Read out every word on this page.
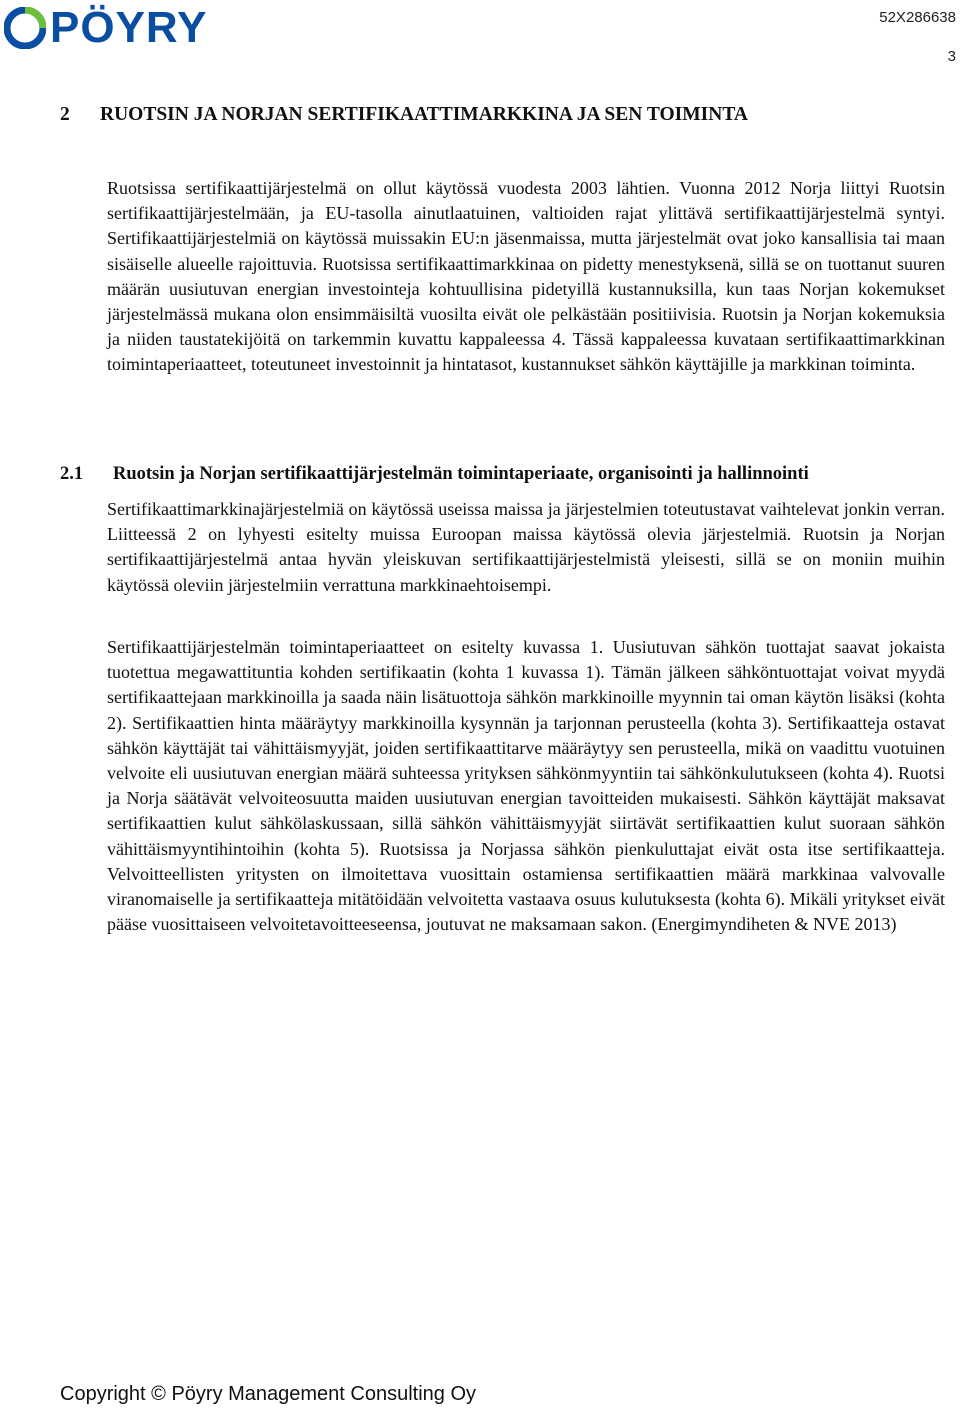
PÖYRY	52X286638
3
2	RUOTSIN JA NORJAN SERTIFIKAATTIMARKKINA JA SEN TOIMINTA

Ruotsissa sertifikaattijärjestelmä on ollut käytössä vuodesta 2003 lähtien. Vuonna 2012 Norja liittyi Ruotsin sertifikaattijärjestelmään, ja EU-tasolla ainutlaatuinen, valtioiden rajat ylittävä sertifikaattijärjestelmä syntyi. Sertifikaattijärjestelmiä on käytössä muissakin EU:n jäsenmaissa, mutta järjestelmät ovat joko kansallisia tai maan sisäiselle alueelle rajoittuvia. Ruotsissa sertifikaattimarkkinaa on pidetty menestyksenä, sillä se on tuottanut suuren määrän uusiutuvan energian investointeja kohtuullisina pidetyillä kustannuksilla, kun taas Norjan kokemukset järjestelmässä mukana olon ensimmäisiltä vuosilta eivät ole pelkästään positiivisia. Ruotsin ja Norjan kokemuksia ja niiden taustatekijöitä on tarkemmin kuvattu kappaleessa 4. Tässä kappaleessa kuvataan sertifikaattimarkkinan toimintaperiaatteet, toteutuneet investoinnit ja hintatasot, kustannukset sähkön käyttäjille ja markkinan toiminta.

2.1	Ruotsin ja Norjan sertifikaattijärjestelmän toimintaperiaate, organisointi ja hallinnointi

Sertifikaattimarkkinajärjestelmiä on käytössä useissa maissa ja järjestelmien toteutustavat vaihtelevat jonkin verran. Liitteessä 2 on lyhyesti esitelty muissa Euroopan maissa käytössä olevia järjestelmiä. Ruotsin ja Norjan sertifikaattijärjestelmä antaa hyvän yleiskuvan sertifikaattijärjestelmistä yleisesti, sillä se on moniin muihin käytössä oleviin järjestelmiin verrattuna markkinaehtoisempi.

Sertifikaattijärjestelmän toimintaperiaatteet on esitelty kuvassa 1. Uusiutuvan sähkön tuottajat saavat jokaista tuotettua megawattituntia kohden sertifikaatin (kohta 1 kuvassa 1). Tämän jälkeen sähköntuottajat voivat myydä sertifikaattejaan markkinoilla ja saada näin lisätuottoja sähkön markkinoille myynnin tai oman käytön lisäksi (kohta 2). Sertifikaattien hinta määräytyy markkinoilla kysynnän ja tarjonnan perusteella (kohta 3). Sertifikaatteja ostavat sähkön käyttäjät tai vähittäismyyjät, joiden sertifikaattitarve määräytyy sen perusteella, mikä on vaadittu vuotuinen velvoite eli uusiutuvan energian määrä suhteessa yrityksen sähkönmyyntiin tai sähkönkulutukseen (kohta 4). Ruotsi ja Norja säätävät velvoiteosuutta maiden uusiutuvan energian tavoitteiden mukaisesti. Sähkön käyttäjät maksavat sertifikaattien kulut sähkölaskussaan, sillä sähkön vähittäismyyjät siirtävät sertifikaattien kulut suoraan sähkön vähittäismyyntihintoihin (kohta 5). Ruotsissa ja Norjassa sähkön pienkuluttajat eivät osta itse sertifikaatteja. Velvoitteellisten yritysten on ilmoitettava vuosittain ostamiensa sertifikaattien määrä markkinaa valvovalle viranomaiselle ja sertifikaatteja mitätöidään velvoitetta vastaava osuus kulutuksesta (kohta 6). Mikäli yritykset eivät pääse vuosittaiseen velvoitetavoitteeseensa, joutuvat ne maksamaan sakon. (Energimyndiheten & NVE 2013)

Copyright © Pöyry Management Consulting Oy
